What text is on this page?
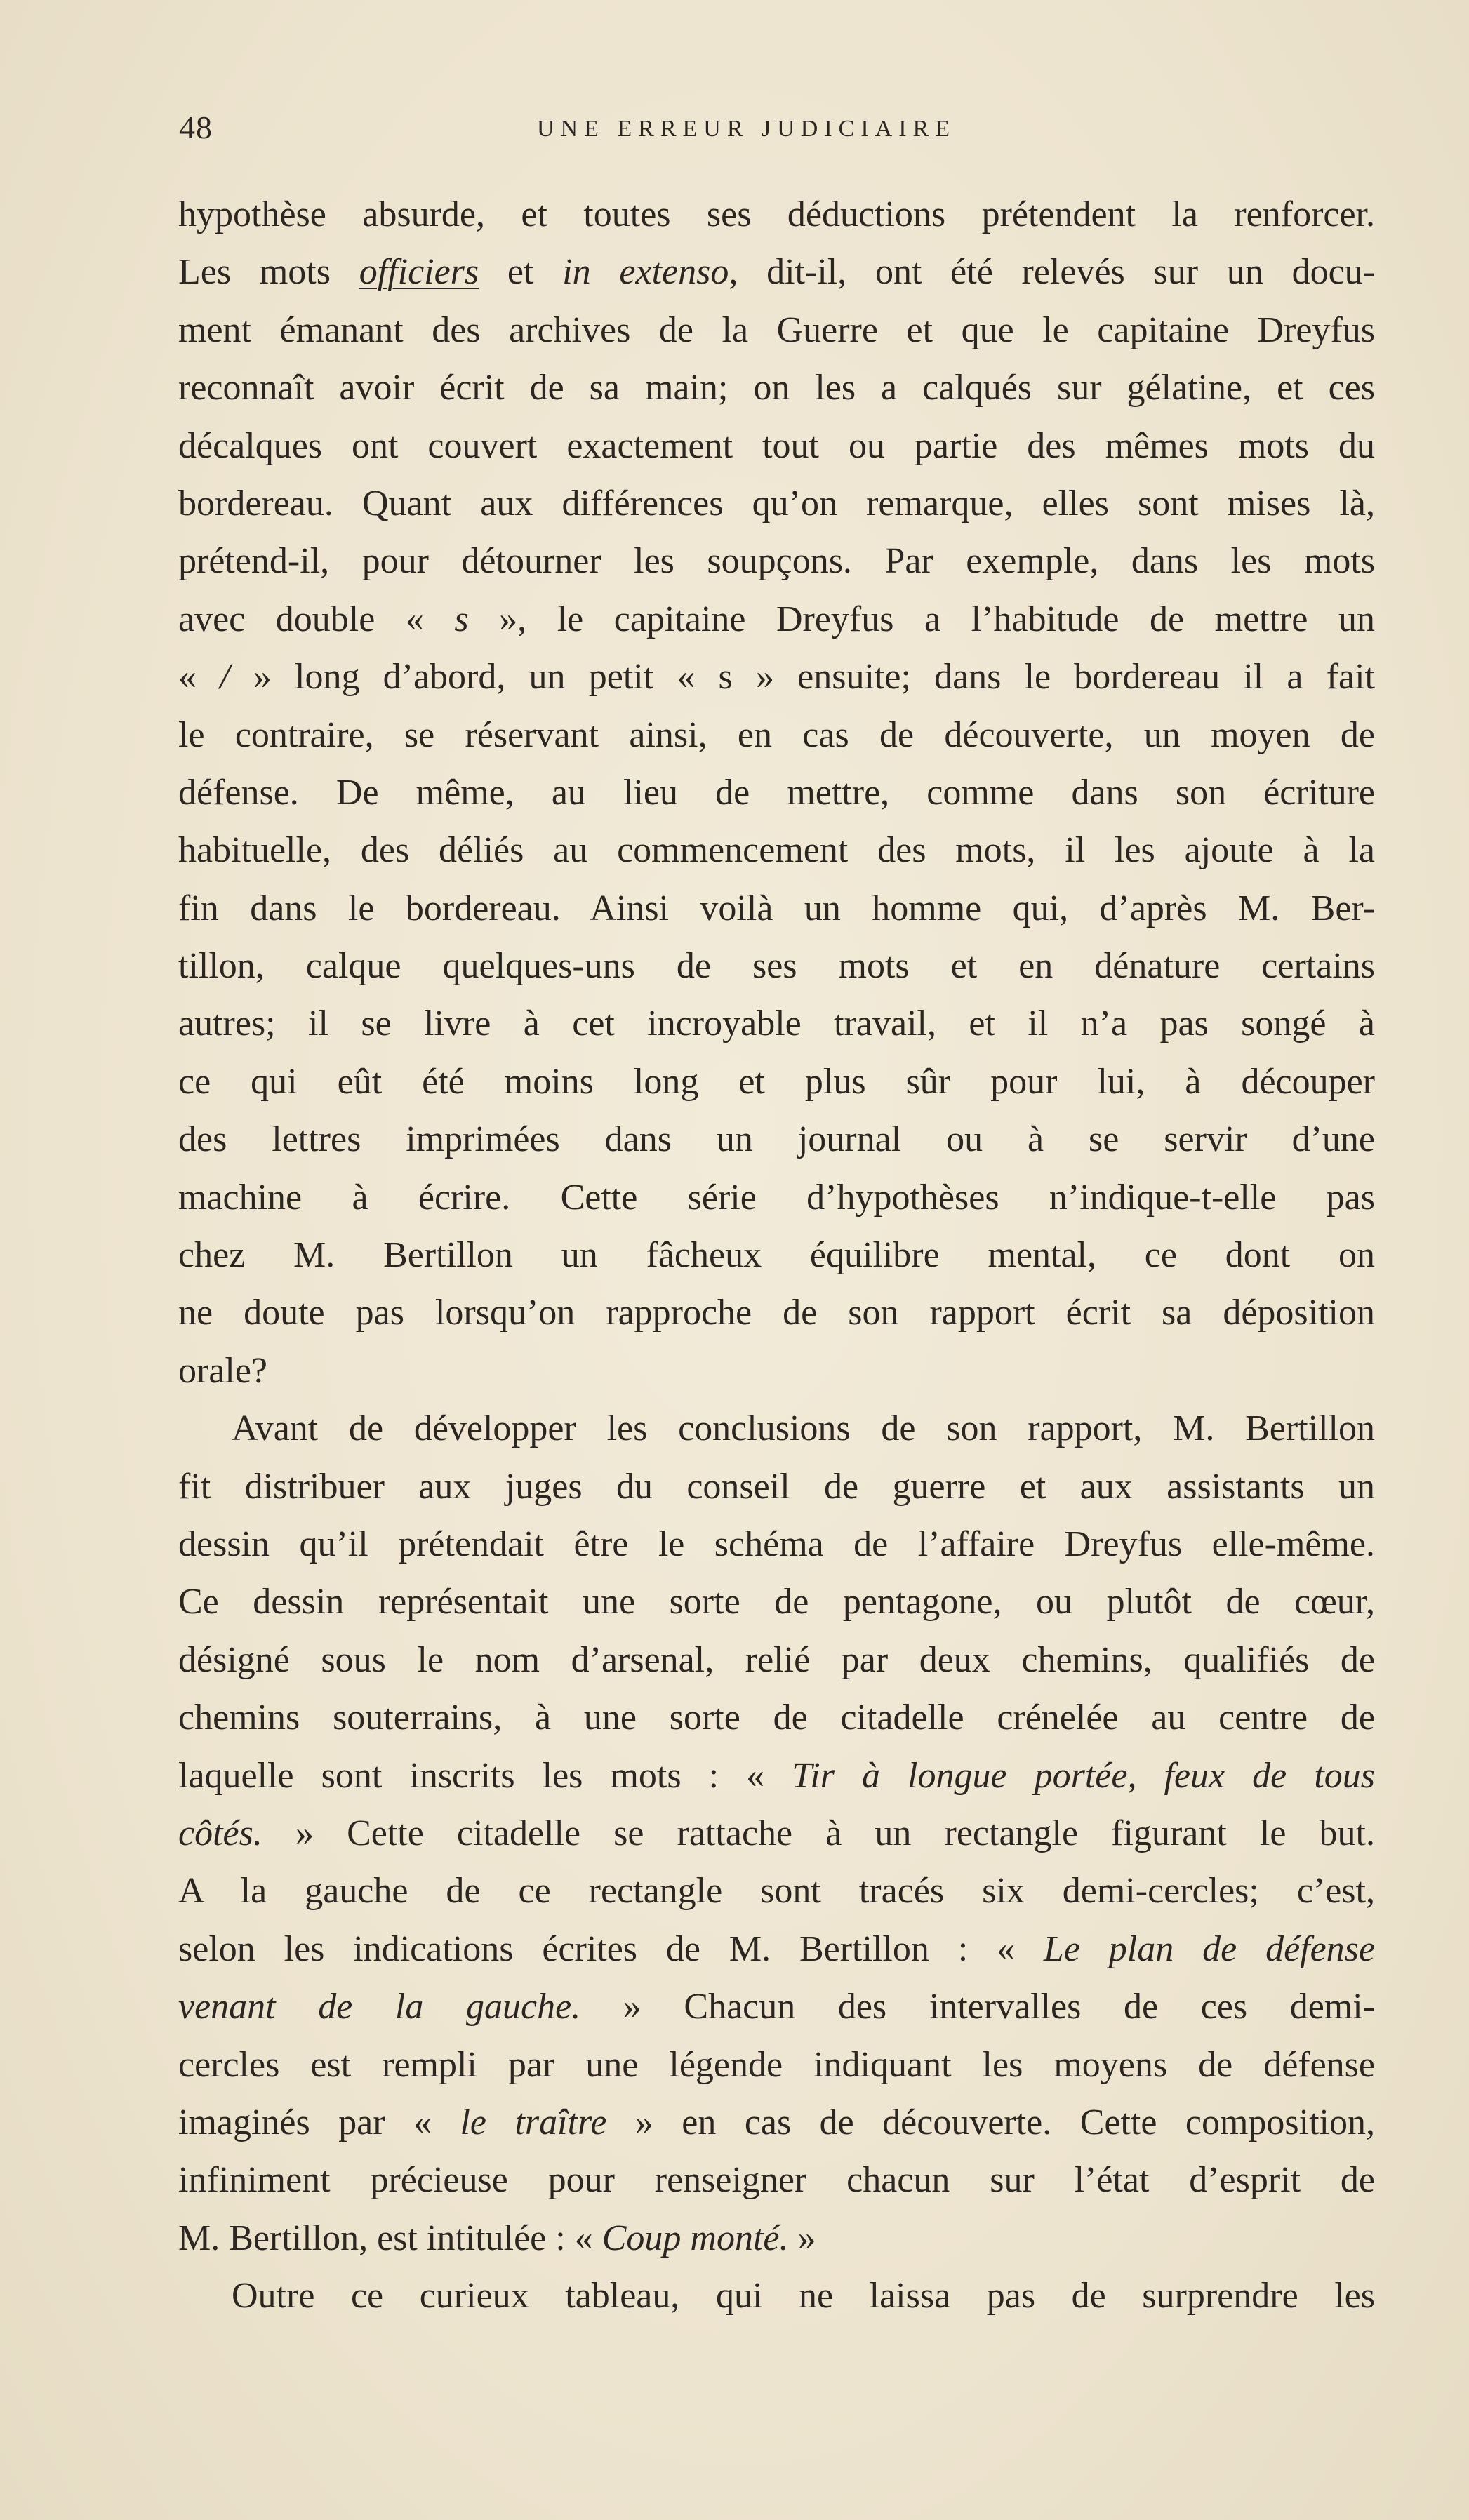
48	UNE ERREUR JUDICIAIRE
hypothèse absurde, et toutes ses déductions prétendent la renforcer.
Les mots officiers et in extenso, dit-il, ont été relevés sur un docu-
ment émanant des archives de la Guerre et que le capitaine Dreyfus
reconnaît avoir écrit de sa main; on les a calqués sur gélatine, et ces
décalques ont couvert exactement tout ou partie des mêmes mots du
bordereau. Quant aux différences qu’on remarque, elles sont mises là,
prétend-il, pour détourner les soupçons. Par exemple, dans les mots
avec double « s », le capitaine Dreyfus a l’habitude de mettre un
« / » long d’abord, un petit « s » ensuite; dans le bordereau il a fait
le contraire, se réservant ainsi, en cas de découverte, un moyen de
défense. De même, au lieu de mettre, comme dans son écriture
habituelle, des déliés au commencement des mots, il les ajoute à la
fin dans le bordereau. Ainsi voilà un homme qui, d’après M. Ber-
tillon, calque quelques-uns de ses mots et en dénature certains
autres; il se livre à cet incroyable travail, et il n’a pas songé à
ce qui eût été moins long et plus sûr pour lui, à découper
des lettres imprimées dans un journal ou à se servir d’une
machine à écrire. Cette série d’hypothèses n’indique-t-elle pas
chez M. Bertillon un fâcheux équilibre mental, ce dont on
ne doute pas lorsqu’on rapproche de son rapport écrit sa déposition
orale?
Avant de développer les conclusions de son rapport, M. Bertillon
fit distribuer aux juges du conseil de guerre et aux assistants un
dessin qu’il prétendait être le schéma de l’affaire Dreyfus elle-même.
Ce dessin représentait une sorte de pentagone, ou plutôt de cœur,
désigné sous le nom d’arsenal, relié par deux chemins, qualifiés de
chemins souterrains, à une sorte de citadelle crénelée au centre de
laquelle sont inscrits les mots : « Tir à longue portée, feux de tous
côtés. » Cette citadelle se rattache à un rectangle figurant le but.
A la gauche de ce rectangle sont tracés six demi-cercles; c’est,
selon les indications écrites de M. Bertillon : « Le plan de défense
venant de la gauche. » Chacun des intervalles de ces demi-
cercles est rempli par une légende indiquant les moyens de défense
imaginés par « le traître » en cas de découverte. Cette composition,
infiniment précieuse pour renseigner chacun sur l’état d’esprit de
M. Bertillon, est intitulée : « Coup monté. »
Outre ce curieux tableau, qui ne laissa pas de surprendre les
